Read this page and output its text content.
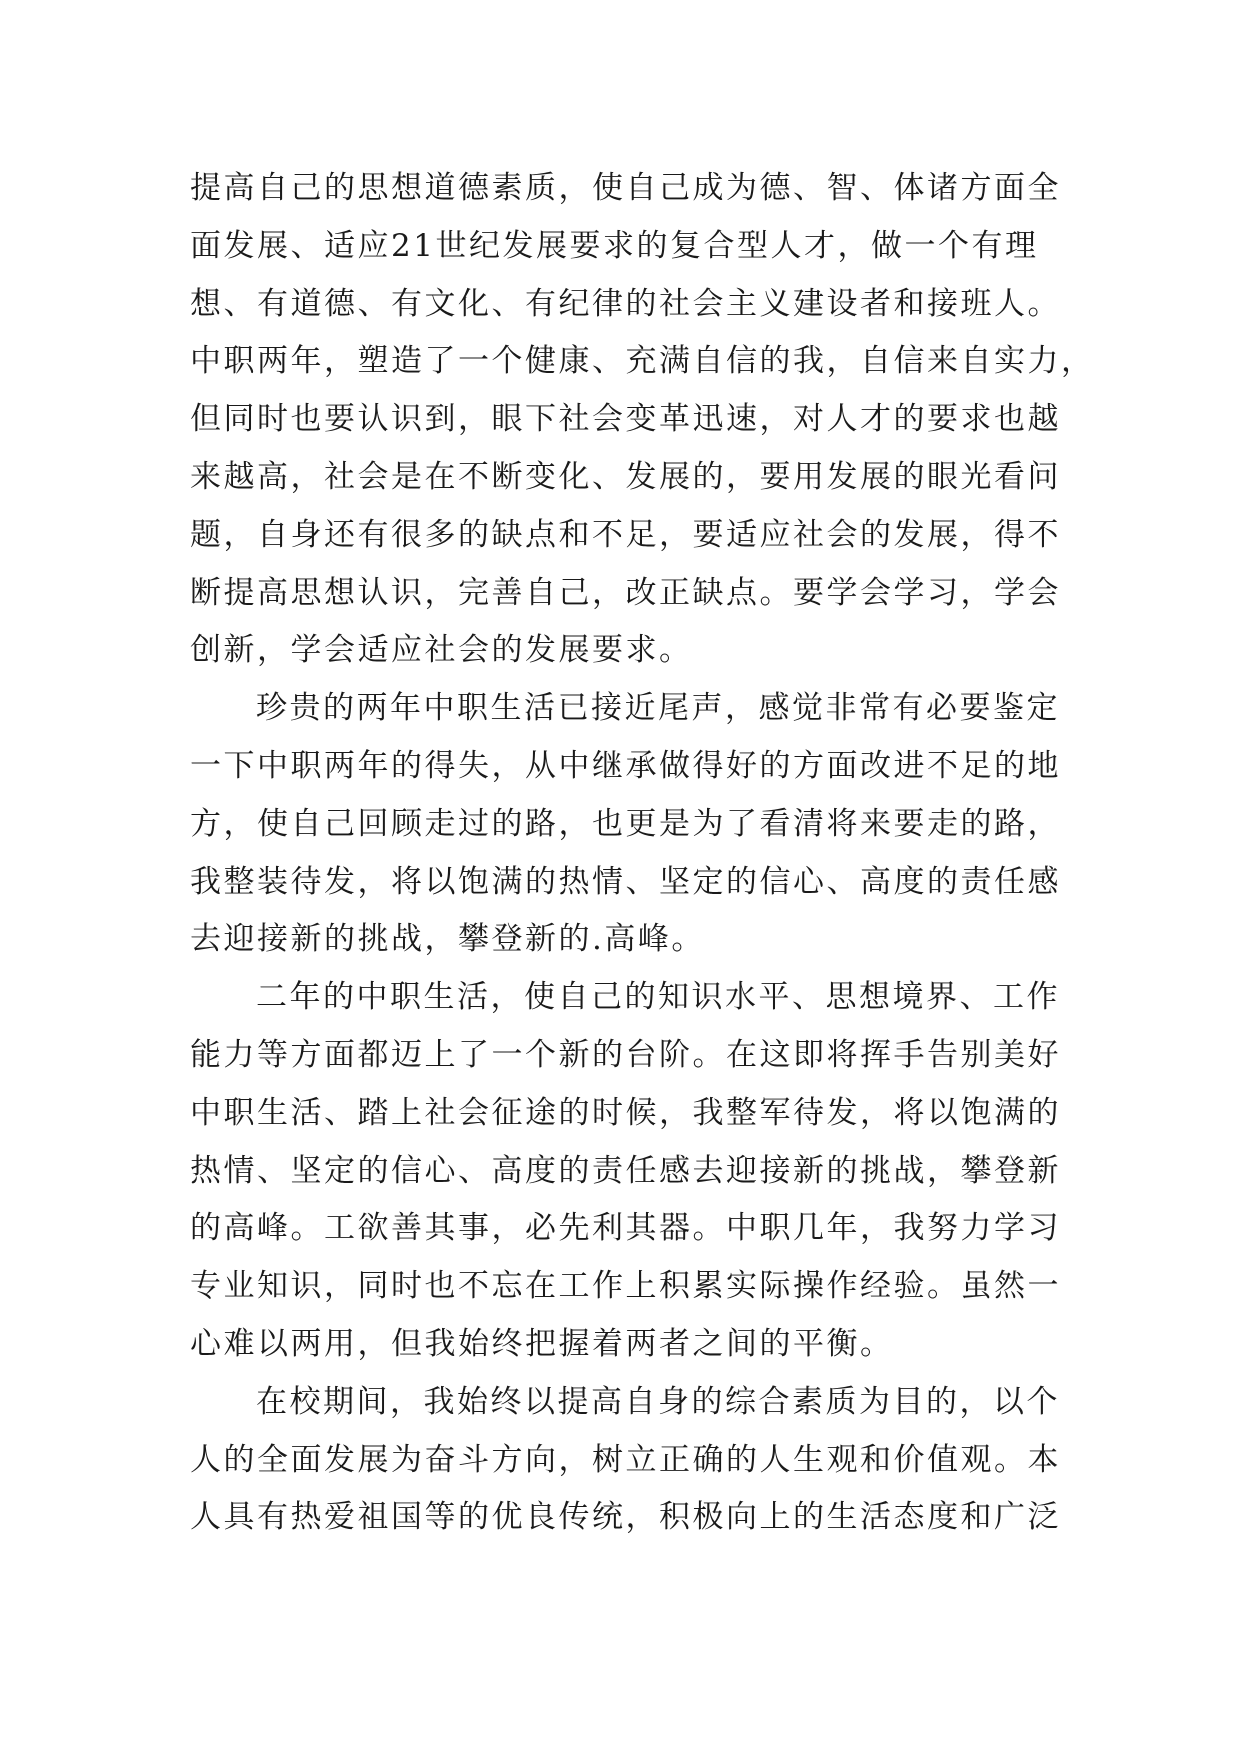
提高自己的思想道德素质，使自己成为德、智、体诸方面全
面发展、适应21世纪发展要求的复合型人才，做一个有理
想、有道德、有文化、有纪律的社会主义建设者和接班人。
中职两年，塑造了一个健康、充满自信的我，自信来自实力，
但同时也要认识到，眼下社会变革迅速，对人才的要求也越
来越高，社会是在不断变化、发展的，要用发展的眼光看问
题，自身还有很多的缺点和不足，要适应社会的发展，得不
断提高思想认识，完善自己，改正缺点。要学会学习，学会
创新，学会适应社会的发展要求。
珍贵的两年中职生活已接近尾声，感觉非常有必要鉴定
一下中职两年的得失，从中继承做得好的方面改进不足的地
方，使自己回顾走过的路，也更是为了看清将来要走的路，
我整装待发，将以饱满的热情、坚定的信心、高度的责任感
去迎接新的挑战，攀登新的.高峰。
二年的中职生活，使自己的知识水平、思想境界、工作
能力等方面都迈上了一个新的台阶。在这即将挥手告别美好
中职生活、踏上社会征途的时候，我整军待发，将以饱满的
热情、坚定的信心、高度的责任感去迎接新的挑战，攀登新
的高峰。工欲善其事，必先利其器。中职几年，我努力学习
专业知识，同时也不忘在工作上积累实际操作经验。虽然一
心难以两用，但我始终把握着两者之间的平衡。
在校期间，我始终以提高自身的综合素质为目的，以个
人的全面发展为奋斗方向，树立正确的人生观和价值观。本
人具有热爱祖国等的优良传统，积极向上的生活态度和广泛
